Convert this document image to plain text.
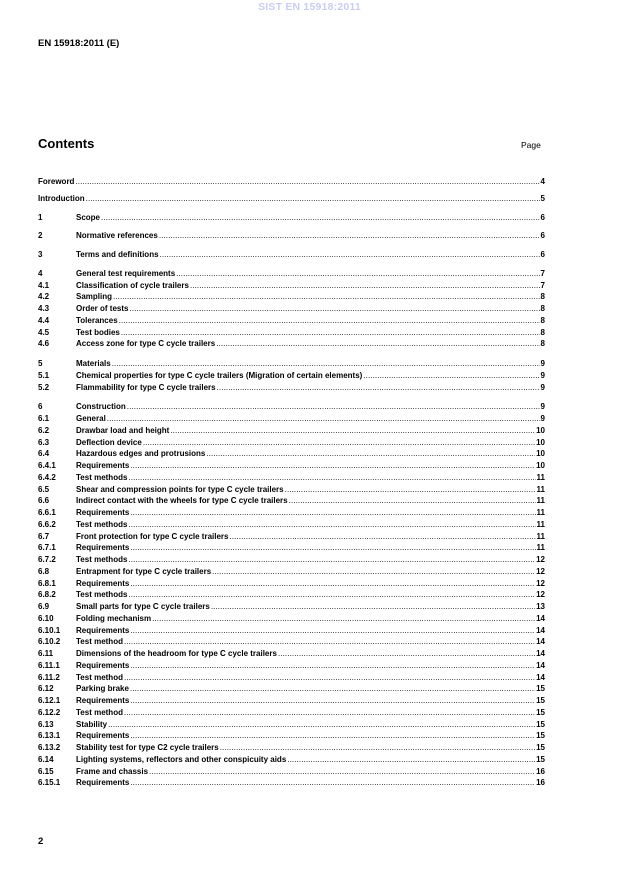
SIST EN 15918:2011
EN 15918:2011 (E)
Contents	Page
Foreword .....	4
Introduction .....	5
1	Scope .....	6
2	Normative references .....	6
3	Terms and definitions .....	6
4	General test requirements .....	7
4.1	Classification of cycle trailers .....	7
4.2	Sampling .....	8
4.3	Order of tests .....	8
4.4	Tolerances .....	8
4.5	Test bodies .....	8
4.6	Access zone for type C cycle trailers .....	8
5	Materials .....	9
5.1	Chemical properties for type C cycle trailers (Migration of certain elements) .....	9
5.2	Flammability for type C cycle trailers .....	9
6	Construction .....	9
6.1	General .....	9
6.2	Drawbar load and height .....	10
6.3	Deflection device .....	10
6.4	Hazardous edges and protrusions .....	10
6.4.1	Requirements .....	10
6.4.2	Test methods .....	11
6.5	Shear and compression points for type C cycle trailers .....	11
6.6	Indirect contact with the wheels for type C cycle trailers .....	11
6.6.1	Requirements .....	11
6.6.2	Test methods .....	11
6.7	Front protection for type C cycle trailers .....	11
6.7.1	Requirements .....	11
6.7.2	Test methods .....	12
6.8	Entrapment for type C cycle trailers .....	12
6.8.1	Requirements .....	12
6.8.2	Test methods .....	12
6.9	Small parts for type C cycle trailers .....	13
6.10	Folding mechanism .....	14
6.10.1	Requirements .....	14
6.10.2	Test method .....	14
6.11	Dimensions of the headroom for type C cycle trailers .....	14
6.11.1	Requirements .....	14
6.11.2	Test method .....	14
6.12	Parking brake .....	15
6.12.1	Requirements .....	15
6.12.2	Test method .....	15
6.13	Stability .....	15
6.13.1	Requirements .....	15
6.13.2	Stability test for type C2 cycle trailers .....	15
6.14	Lighting systems, reflectors and other conspicuity aids .....	15
6.15	Frame and chassis .....	16
6.15.1	Requirements .....	16
2
